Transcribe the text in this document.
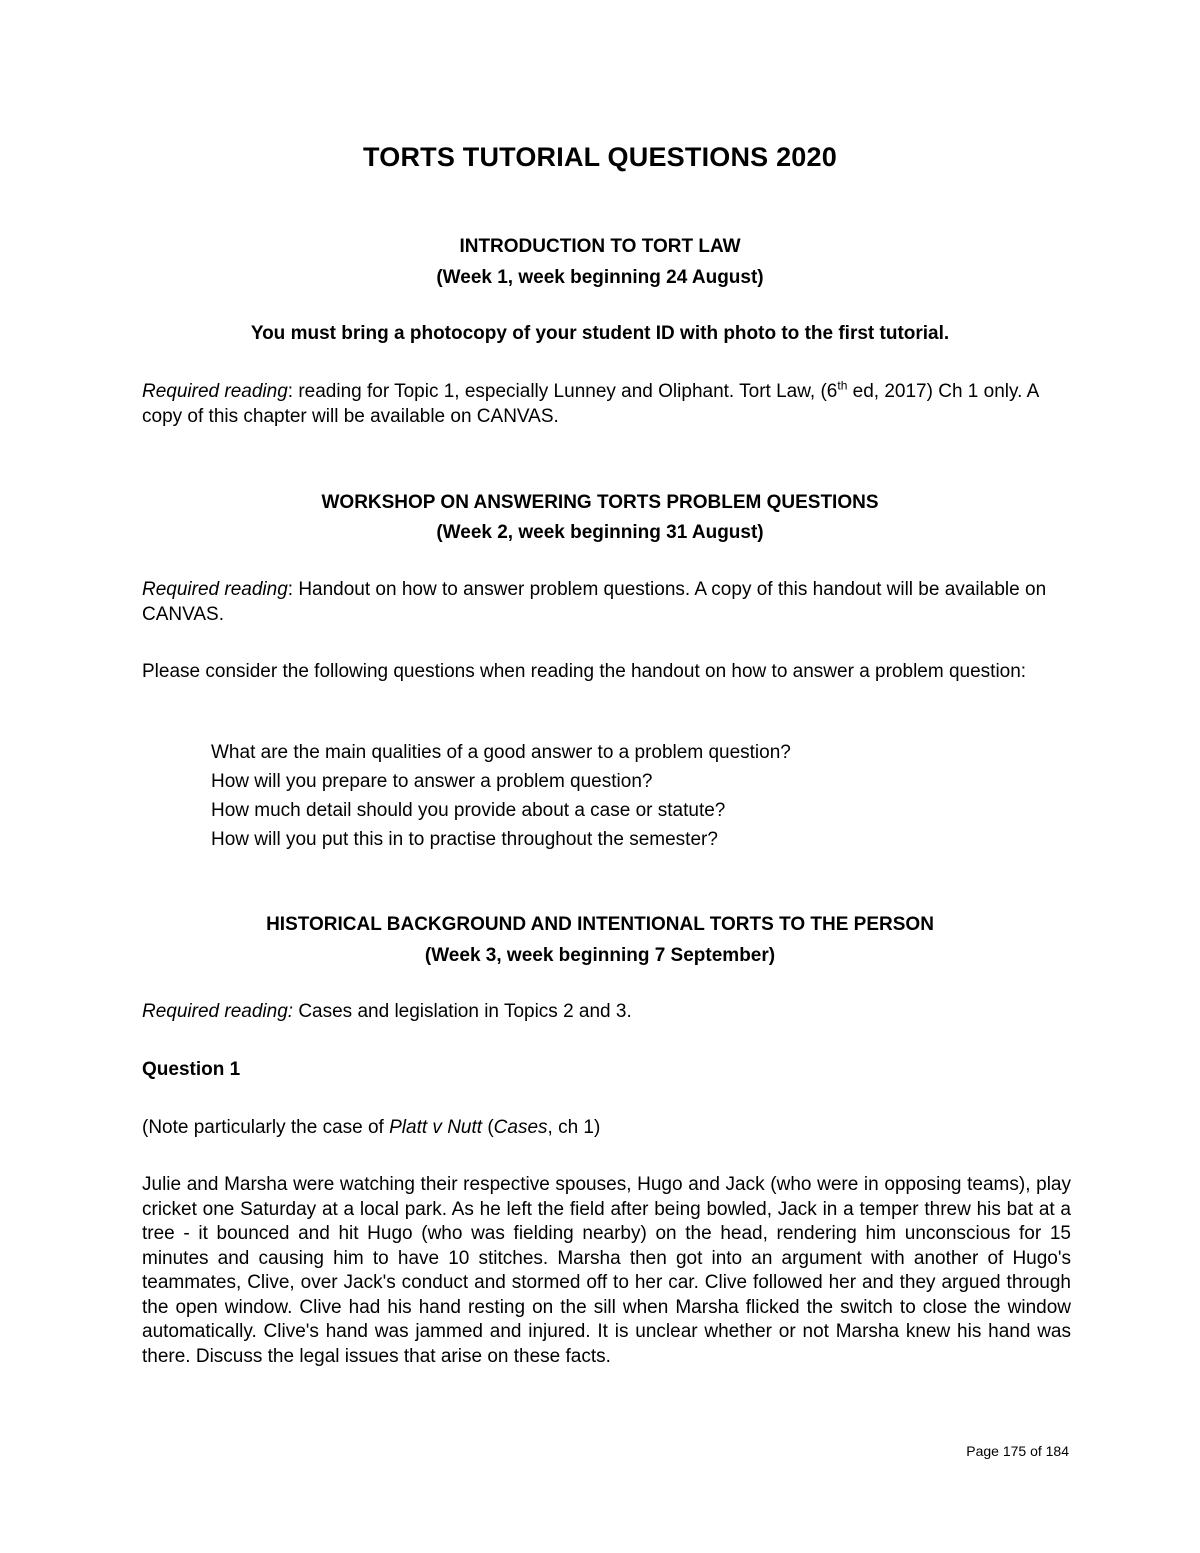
TORTS TUTORIAL QUESTIONS 2020
INTRODUCTION TO TORT LAW
(Week 1, week beginning 24 August)
You must bring a photocopy of your student ID with photo to the first tutorial.

Required reading: reading for Topic 1, especially Lunney and Oliphant. Tort Law, (6th ed, 2017) Ch 1 only. A copy of this chapter will be available on CANVAS.

WORKSHOP ON ANSWERING TORTS PROBLEM QUESTIONS
(Week 2, week beginning 31 August)

Required reading: Handout on how to answer problem questions. A copy of this handout will be available on CANVAS.

Please consider the following questions when reading the handout on how to answer a problem question:

What are the main qualities of a good answer to a problem question?
How will you prepare to answer a problem question?
How much detail should you provide about a case or statute?
How will you put this in to practise throughout the semester?
HISTORICAL BACKGROUND AND INTENTIONAL TORTS TO THE PERSON
(Week 3, week beginning 7 September)

Required reading: Cases and legislation in Topics 2 and 3.

Question 1

(Note particularly the case of Platt v Nutt (Cases, ch 1)

Julie and Marsha were watching their respective spouses, Hugo and Jack (who were in opposing teams), play cricket one Saturday at a local park. As he left the field after being bowled, Jack in a temper threw his bat at a tree - it bounced and hit Hugo (who was fielding nearby) on the head, rendering him unconscious for 15 minutes and causing him to have 10 stitches. Marsha then got into an argument with another of Hugo's teammates, Clive, over Jack's conduct and stormed off to her car. Clive followed her and they argued through the open window. Clive had his hand resting on the sill when Marsha flicked the switch to close the window automatically. Clive's hand was jammed and injured. It is unclear whether or not Marsha knew his hand was there. Discuss the legal issues that arise on these facts.

Page 175 of 184
